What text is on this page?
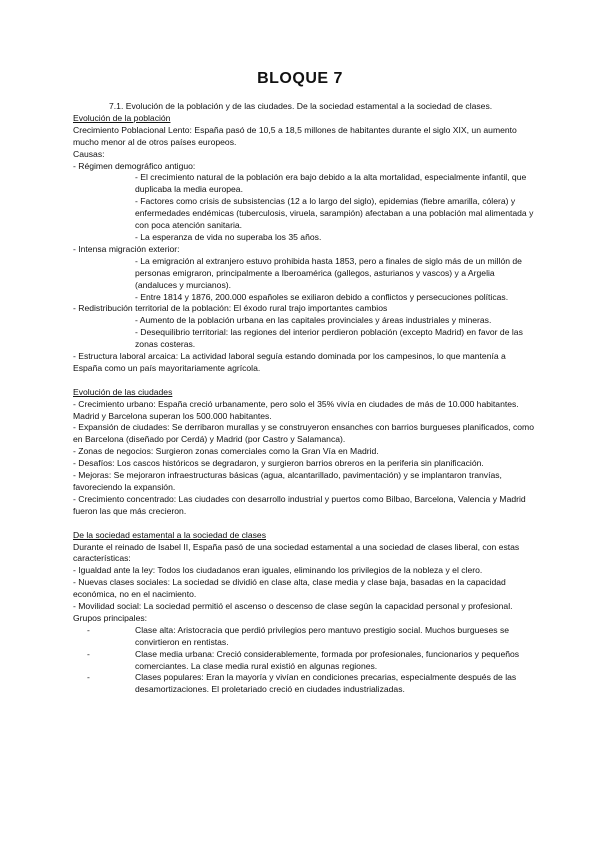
BLOQUE 7

7.1. Evolución de la población y de las ciudades. De la sociedad estamental a la sociedad de clases.

Evolución de la población

Crecimiento Poblacional Lento: España pasó de 10,5 a 18,5 millones de habitantes durante el siglo XIX, un aumento mucho menor al de otros países europeos.

Causas:

- Régimen demográfico antiguo:

- El crecimiento natural de la población era bajo debido a la alta mortalidad, especialmente infantil, que duplicaba la media europea.

- Factores como crisis de subsistencias (12 a lo largo del siglo), epidemias (fiebre amarilla, cólera) y enfermedades endémicas (tuberculosis, viruela, sarampión) afectaban a una población mal alimentada y con poca atención sanitaria.

- La esperanza de vida no superaba los 35 años.

- Intensa migración exterior:

- La emigración al extranjero estuvo prohibida hasta 1853, pero a finales de siglo más de un millón de personas emigraron, principalmente a Iberoamérica (gallegos, asturianos y vascos) y a Argelia (andaluces y murcianos).

- Entre 1814 y 1876, 200.000 españoles se exiliaron debido a conflictos y persecuciones políticas.

- Redistribución territorial de la población: El éxodo rural trajo importantes cambios

- Aumento de la población urbana en las capitales provinciales y áreas industriales y mineras.

- Desequilibrio territorial: las regiones del interior perdieron población (excepto Madrid) en favor de las zonas costeras.

- Estructura laboral arcaica: La actividad laboral seguía estando dominada por los campesinos, lo que mantenía a España como un país mayoritariamente agrícola.

Evolución de las ciudades

- Crecimiento urbano: España creció urbanamente, pero solo el 35% vivía en ciudades de más de 10.000 habitantes. Madrid y Barcelona superan los 500.000 habitantes.

- Expansión de ciudades: Se derribaron murallas y se construyeron ensanches con barrios burgueses planificados, como en Barcelona (diseñado por Cerdá) y Madrid (por Castro y Salamanca).

- Zonas de negocios: Surgieron zonas comerciales como la Gran Vía en Madrid.

- Desafíos: Los cascos históricos se degradaron, y surgieron barrios obreros en la periferia sin planificación.

- Mejoras: Se mejoraron infraestructuras básicas (agua, alcantarillado, pavimentación) y se implantaron tranvías, favoreciendo la expansión.

- Crecimiento concentrado: Las ciudades con desarrollo industrial y puertos como Bilbao, Barcelona, Valencia y Madrid fueron las que más crecieron.

De la sociedad estamental a la sociedad de clases

Durante el reinado de Isabel II, España pasó de una sociedad estamental a una sociedad de clases liberal, con estas características:

- Igualdad ante la ley: Todos los ciudadanos eran iguales, eliminando los privilegios de la nobleza y el clero.

- Nuevas clases sociales: La sociedad se dividió en clase alta, clase media y clase baja, basadas en la capacidad económica, no en el nacimiento.

- Movilidad social: La sociedad permitió el ascenso o descenso de clase según la capacidad personal y profesional.

Grupos principales:

-	Clase alta: Aristocracia que perdió privilegios pero mantuvo prestigio social. Muchos burgueses se convirtieron en rentistas.
-	Clase media urbana: Creció considerablemente, formada por profesionales, funcionarios y pequeños comerciantes. La clase media rural existió en algunas regiones.
-	Clases populares: Eran la mayoría y vivían en condiciones precarias, especialmente después de las desamortizaciones. El proletariado creció en ciudades industrializadas.
